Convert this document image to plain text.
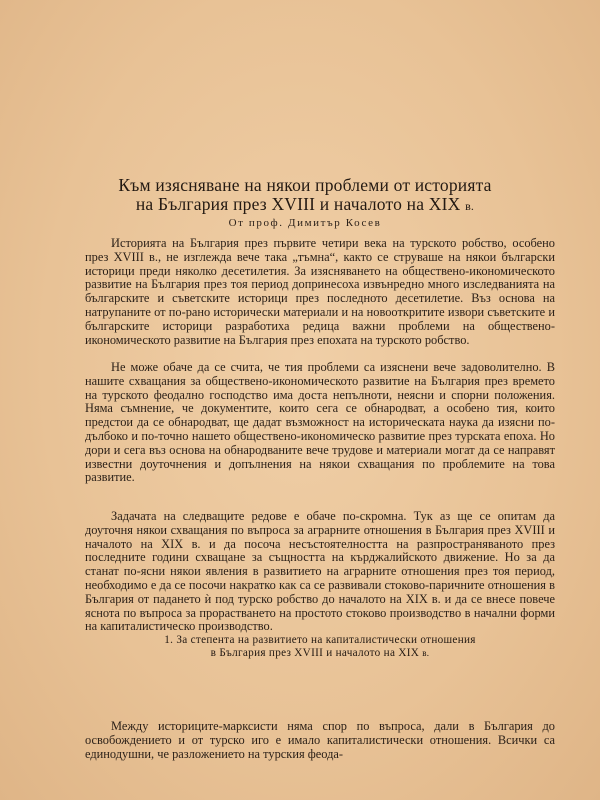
Към изясняване на някои проблеми от историята
на България през XVIII и началото на XIX в.
От проф. Димитър Косев

Историята на България през първите четири века на турското робство, особено през XVIII в., не изглежда вече така „тъмна“, както се струваше на някои български историци преди няколко десетилетия. За изясняването на обществено-икономическото развитие на България през тоя период допринесоха извънредно много изследванията на българските и съветските историци през последното десетилетие. Въз основа на натрупаните от по-рано исторически материали и на новооткритите извори съветските и българските историци разработиха редица важни проблеми на обществено-икономическото развитие на България през епохата на турското робство.

Не може обаче да се счита, че тия проблеми са изяснени вече задоволително. В нашите схващания за обществено-икономическото развитие на България през времето на турското феодално господство има доста непълноти, неясни и спорни положения. Няма съмнение, че документите, които сега се обнародват, а особено тия, които предстои да се обнародват, ще дадат възможност на историческата наука да изясни по-дълбоко и по-точно нашето обществено-икономическо развитие през турската епоха. Но дори и сега въз основа на обнародваните вече трудове и материали могат да се направят известни доуточнения и допълнения на някои схващания по проблемите на това развитие.

Задачата на следващите редове е обаче по-скромна. Тук аз ще се опитам да доуточня някои схващания по въпроса за аграрните отношения в България през XVIII и началото на XIX в. и да посоча несъстоятелността на разпространяваното през последните години схващане за същността на кърджалийското движение. Но за да станат по-ясни някои явления в развитието на аграрните отношения през тоя период, необходимо е да се посочи накратко как са се развивали стоково-паричните отношения в България от падането ѝ под турско робство до началото на XIX в. и да се внесе повече яснота по въпроса за прорастването на простото стоково производство в начални форми на капиталистическо производство.

1. За степента на развитието на капиталистически отношения
в България през XVIII и началото на XIX в.

Между историците-марксисти няма спор по въпроса, дали в България до освобождението и от турско иго е имало капиталистически отношения. Всички са единодушни, че разложението на турския феода-
